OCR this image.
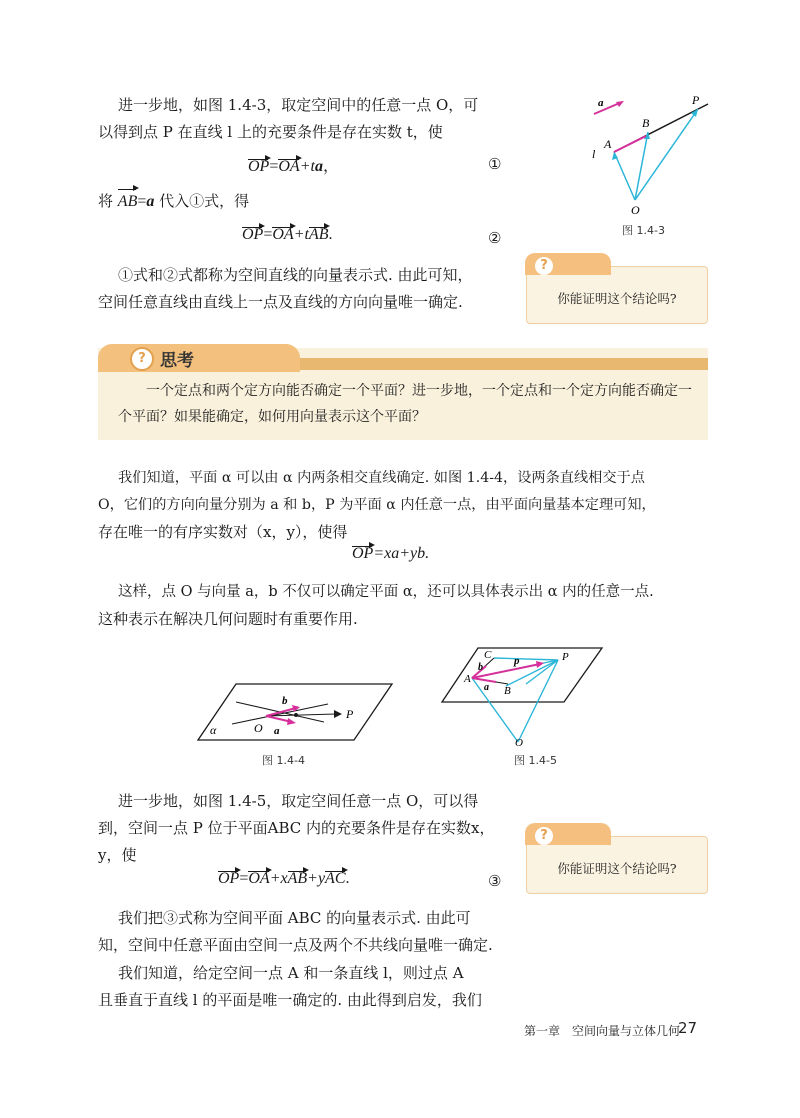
进一步地，如图 1.4-3，取定空间中的任意一点 O，可
以得到点 P 在直线 l 上的充要条件是存在实数 t，使
OP=OA+ta，	①
将 AB=a 代入①式，得
OP=OA+tAB.	②
①式和②式都称为空间直线的向量表示式. 由此可知，
空间任意直线由直线上一点及直线的方向向量唯一确定.
a	P
B
A
l
O
图 1.4-3
?
你能证明这个结论吗?
? 思考
一个定点和两个定方向能否确定一个平面？进一步地，一个定点和一个定方向能否确定一个平面？如果能确定，如何用向量表示这个平面？
我们知道，平面 α 可以由 α 内两条相交直线确定. 如图 1.4-4，设两条直线相交于点
O，它们的方向向量分别为 a 和 b，P 为平面 α 内任意一点，由平面向量基本定理可知，
存在唯一的有序实数对（x，y），使得
OP=xa+yb.
这样，点 O 与向量 a，b 不仅可以确定平面 α，还可以具体表示出 α 内的任意一点.
这种表示在解决几何问题时有重要作用.
α	O a
b
P
图 1.4-4
C
b
p	P
A
a B
O
图 1.4-5
进一步地，如图 1.4-5，取定空间任意一点 O，可以得
到，空间一点 P 位于平面ABC 内的充要条件是存在实数x，
y，使
OP=OA+xAB+yAC.	③
我们把③式称为空间平面 ABC 的向量表示式. 由此可
知，空间中任意平面由空间一点及两个不共线向量唯一确定.
我们知道，给定空间一点 A 和一条直线 l，则过点 A
且垂直于直线 l 的平面是唯一确定的. 由此得到启发，我们
?
你能证明这个结论吗?
第一章　空间向量与立体几何
27
